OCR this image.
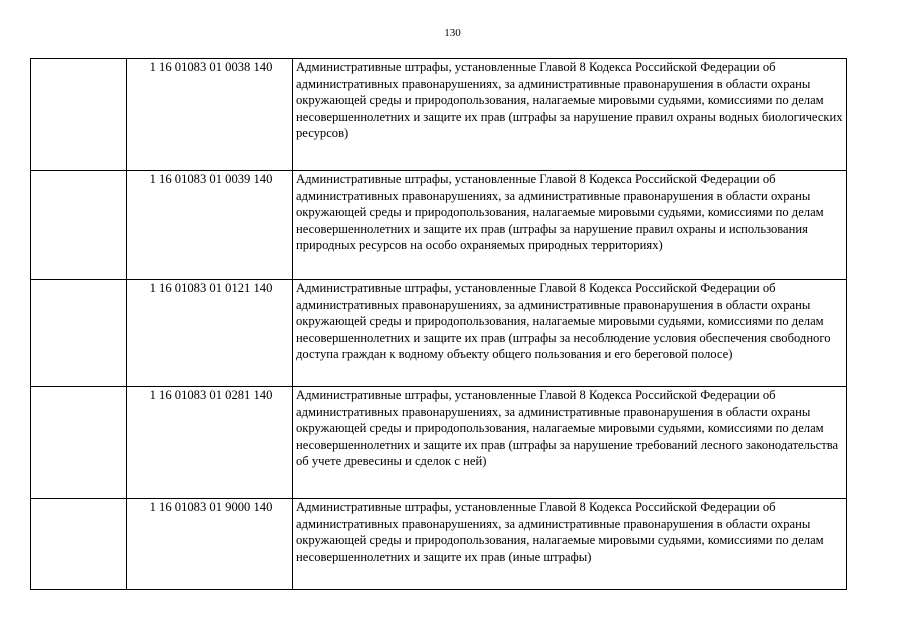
130
	1 16 01083 01 0038 140	Административные штрафы, установленные Главой 8 Кодекса Российской Федерации об административных правонарушениях, за административные правонарушения в области охраны окружающей среды и природопользования, налагаемые мировыми судьями, комиссиями по делам несовершеннолетних и защите их прав (штрафы за нарушение правил охраны водных биологических ресурсов)
	1 16 01083 01 0039 140	Административные штрафы, установленные Главой 8 Кодекса Российской Федерации об административных правонарушениях, за административные правонарушения в области охраны окружающей среды и природопользования, налагаемые мировыми судьями, комиссиями по делам несовершеннолетних и защите их прав (штрафы за нарушение правил охраны и использования природных ресурсов на особо охраняемых природных территориях)
	1 16 01083 01 0121 140	Административные штрафы, установленные Главой 8 Кодекса Российской Федерации об административных правонарушениях, за административные правонарушения в области охраны окружающей среды и природопользования, налагаемые мировыми судьями, комиссиями по делам несовершеннолетних и защите их прав (штрафы за несоблюдение условия обеспечения свободного доступа граждан к водному объекту общего пользования и его береговой полосе)
	1 16 01083 01 0281 140	Административные штрафы, установленные Главой 8 Кодекса Российской Федерации об административных правонарушениях, за административные правонарушения в области охраны окружающей среды и природопользования, налагаемые мировыми судьями, комиссиями по делам несовершеннолетних и защите их прав (штрафы за нарушение требований лесного законодательства об учете древесины и сделок с ней)
	1 16 01083 01 9000 140	Административные штрафы, установленные Главой 8 Кодекса Российской Федерации об административных правонарушениях, за административные правонарушения в области охраны окружающей среды и природопользования, налагаемые мировыми судьями, комиссиями по делам несовершеннолетних и защите их прав (иные штрафы)
